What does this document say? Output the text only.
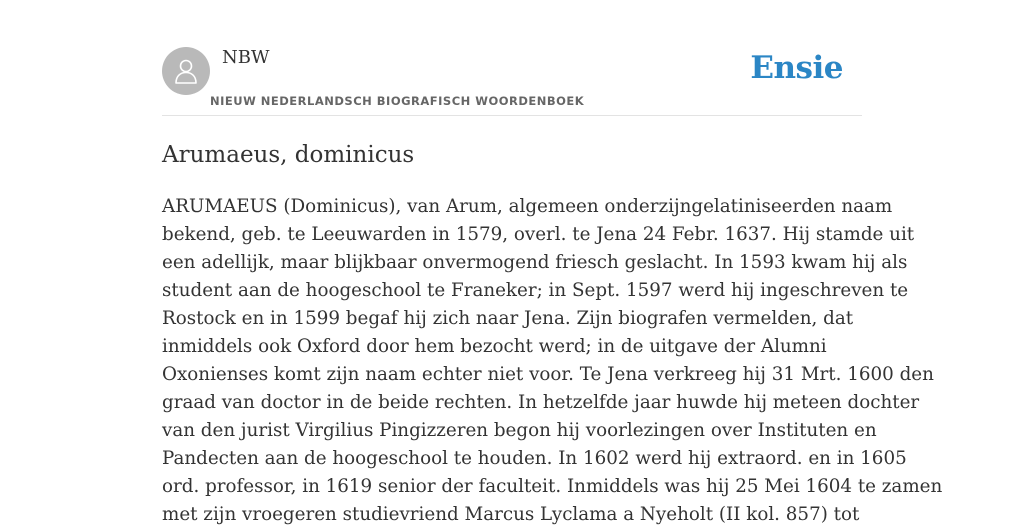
NBW
NIEUW NEDERLANDSCH BIOGRAFISCH WOORDENBOEK
Ensie
Arumaeus, dominicus
ARUMAEUS (Dominicus), van Arum, algemeen onderzijngelatiniseerden naam
bekend, geb. te Leeuwarden in 1579, overl. te Jena 24 Febr. 1637. Hij stamde uit
een adellijk, maar blijkbaar onvermogend friesch geslacht. In 1593 kwam hij als
student aan de hoogeschool te Franeker; in Sept. 1597 werd hij ingeschreven te
Rostock en in 1599 begaf hij zich naar Jena. Zijn biografen vermelden, dat
inmiddels ook Oxford door hem bezocht werd; in de uitgave der Alumni
Oxonienses komt zijn naam echter niet voor. Te Jena verkreeg hij 31 Mrt. 1600 den
graad van doctor in de beide rechten. In hetzelfde jaar huwde hij meteen dochter
van den jurist Virgilius Pingizzeren begon hij voorlezingen over Instituten en
Pandecten aan de hoogeschool te houden. In 1602 werd hij extraord. en in 1605
ord. professor, in 1619 senior der faculteit. Inmiddels was hij 25 Mei 1604 te zamen
met zijn vroegeren studievriend Marcus Lyclama a Nyeholt (II kol. 857) tot
